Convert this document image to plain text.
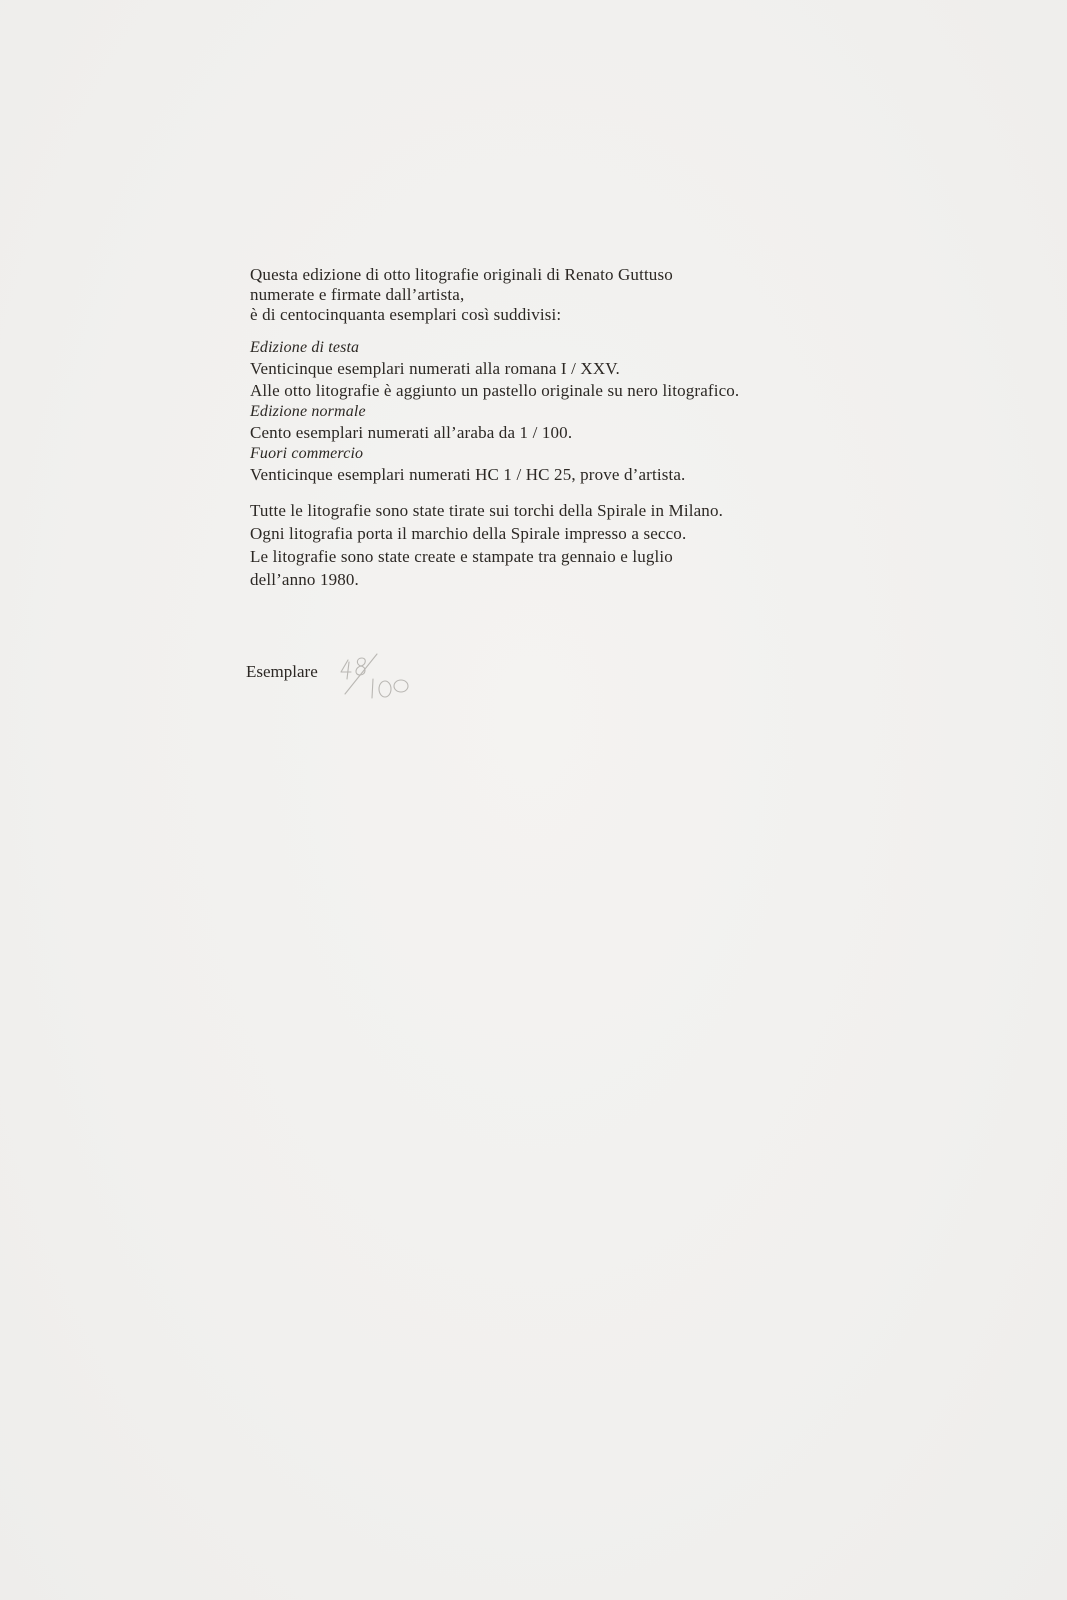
Questa edizione di otto litografie originali di Renato Guttuso
numerate e firmate dall’artista,
è di centocinquanta esemplari così suddivisi:
Edizione di testa
Venticinque esemplari numerati alla romana I / XXV.
Alle otto litografie è aggiunto un pastello originale su nero litografico.
Edizione normale
Cento esemplari numerati all’araba da 1 / 100.
Fuori commercio
Venticinque esemplari numerati HC 1 / HC 25, prove d’artista.
Tutte le litografie sono state tirate sui torchi della Spirale in Milano.
Ogni litografia porta il marchio della Spirale impresso a secco.
Le litografie sono state create e stampate tra gennaio e luglio
dell’anno 1980.
Esemplare
